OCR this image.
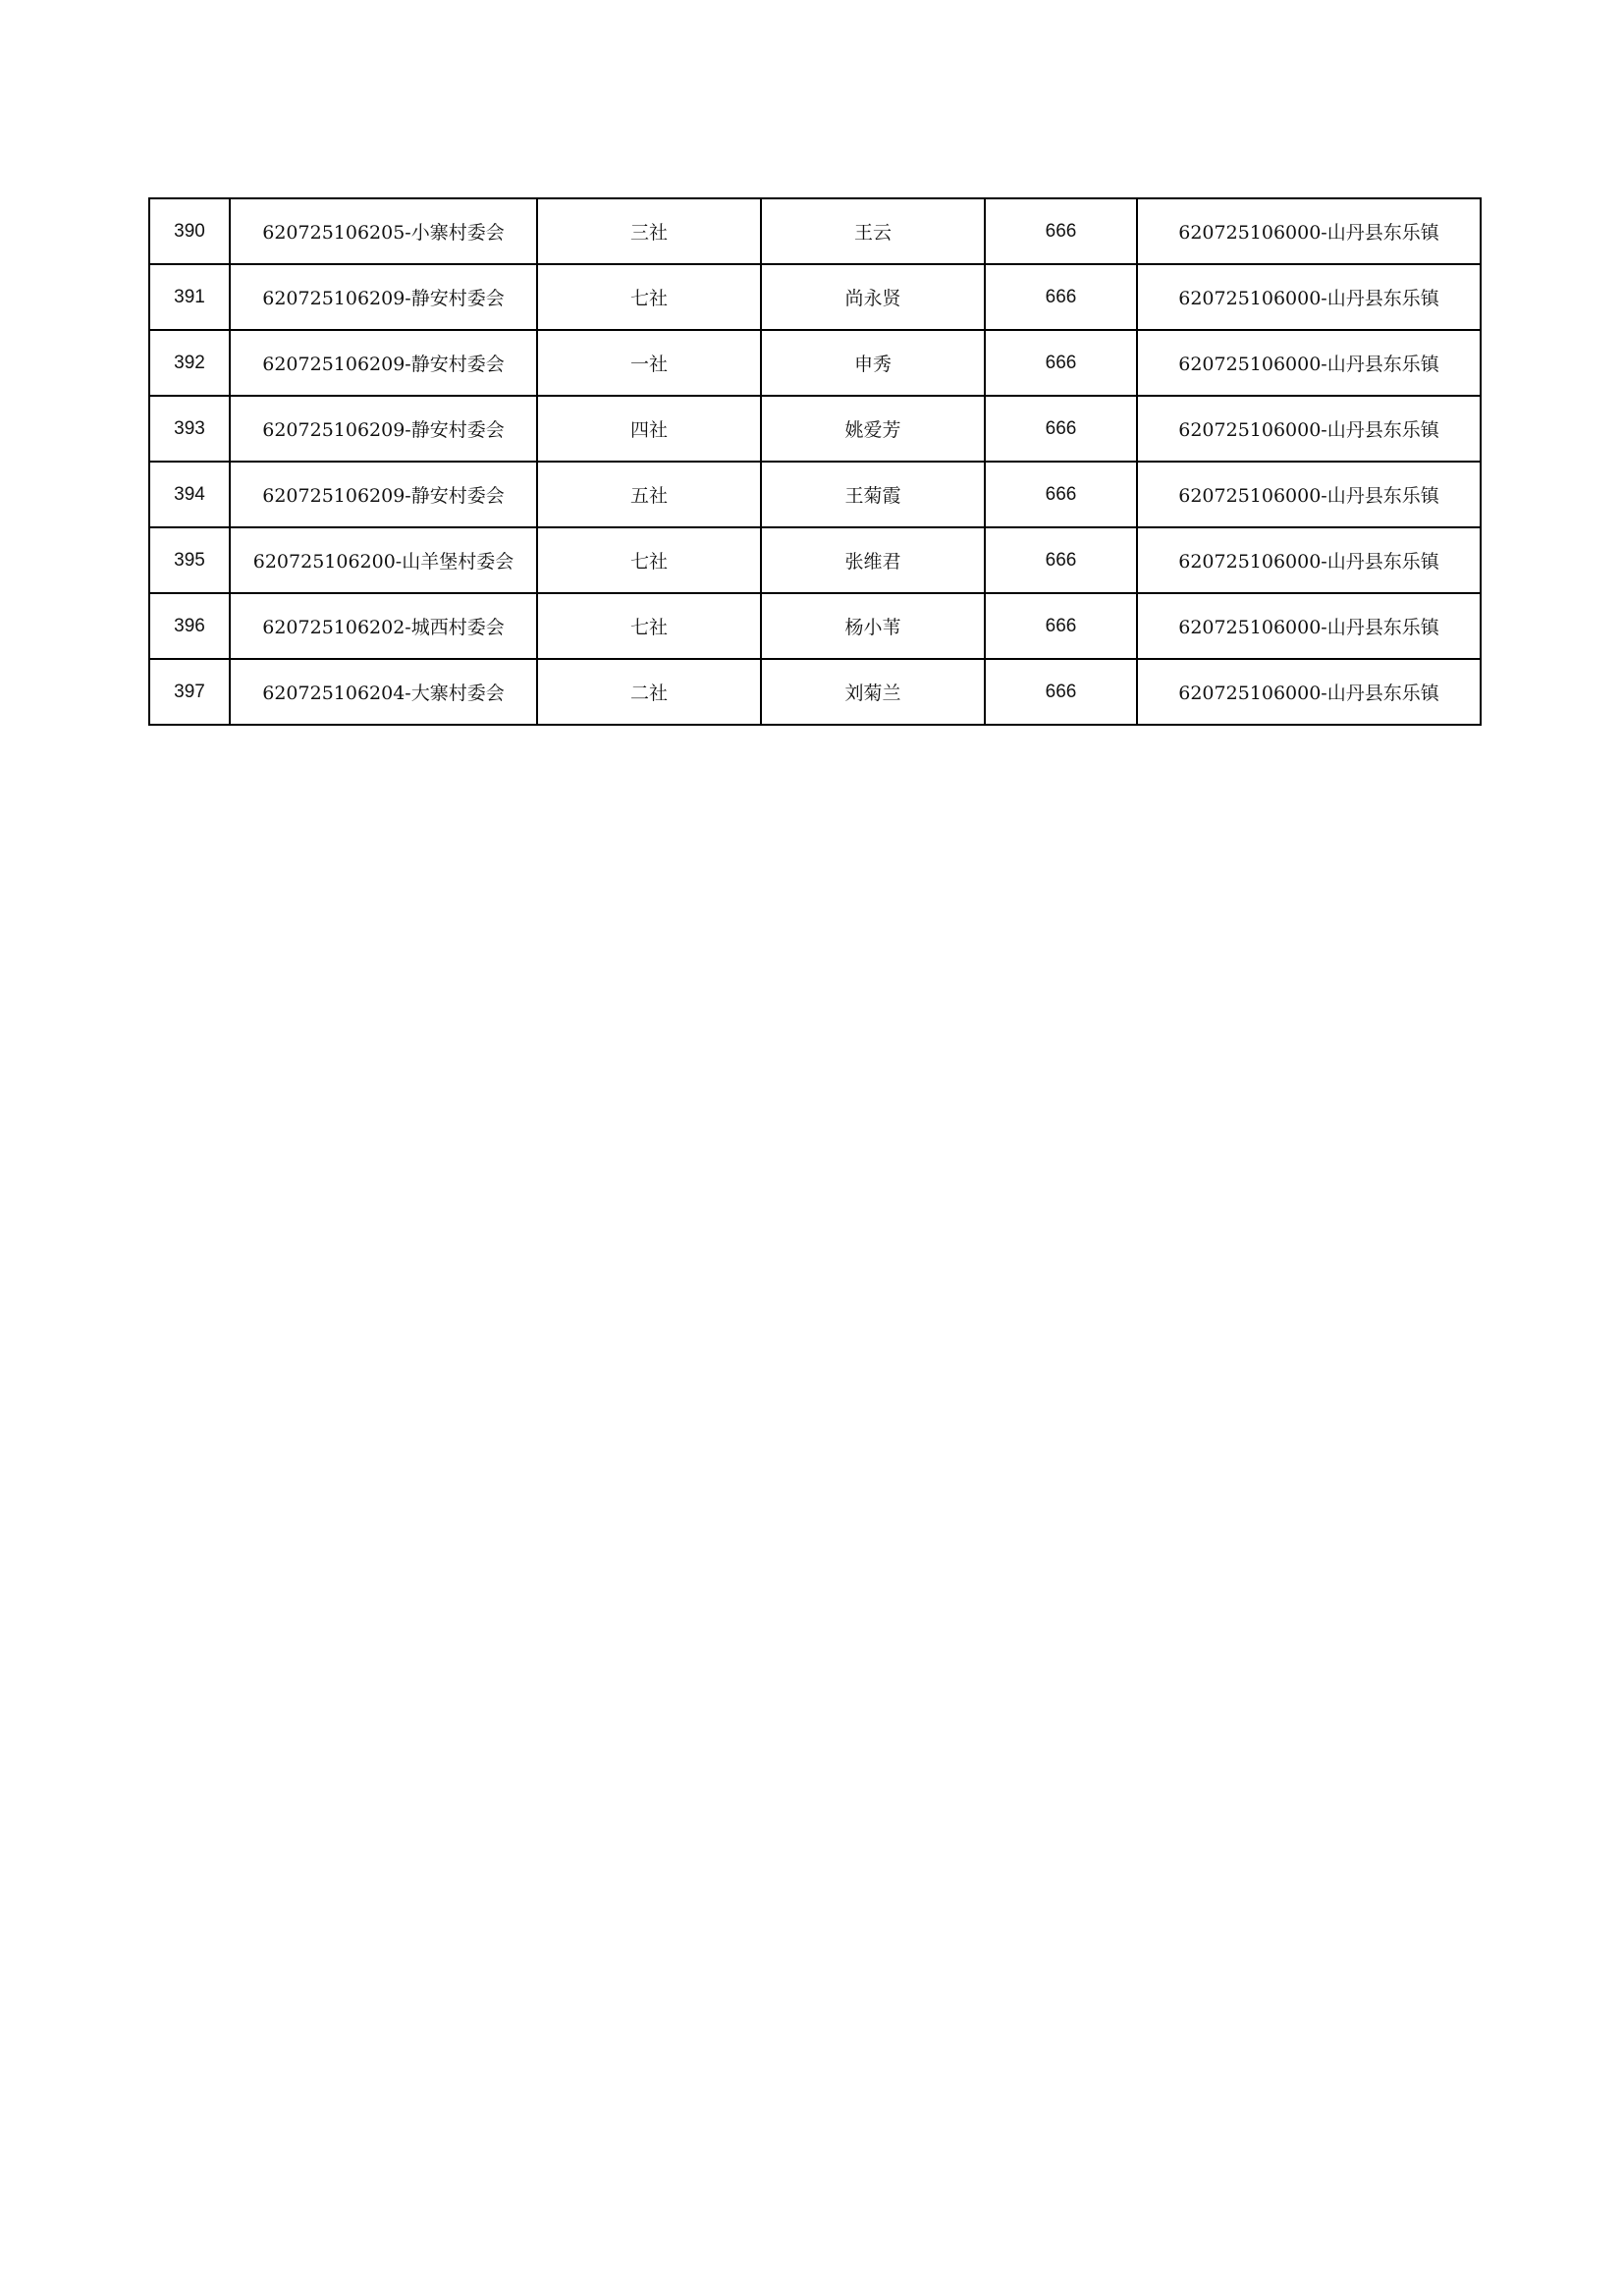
390	620725106205-小寨村委会	三社	王云	666	620725106000-山丹县东乐镇
391	620725106209-静安村委会	七社	尚永贤	666	620725106000-山丹县东乐镇
392	620725106209-静安村委会	一社	申秀	666	620725106000-山丹县东乐镇
393	620725106209-静安村委会	四社	姚爱芳	666	620725106000-山丹县东乐镇
394	620725106209-静安村委会	五社	王菊霞	666	620725106000-山丹县东乐镇
395	620725106200-山羊堡村委会	七社	张维君	666	620725106000-山丹县东乐镇
396	620725106202-城西村委会	七社	杨小苇	666	620725106000-山丹县东乐镇
397	620725106204-大寨村委会	二社	刘菊兰	666	620725106000-山丹县东乐镇
